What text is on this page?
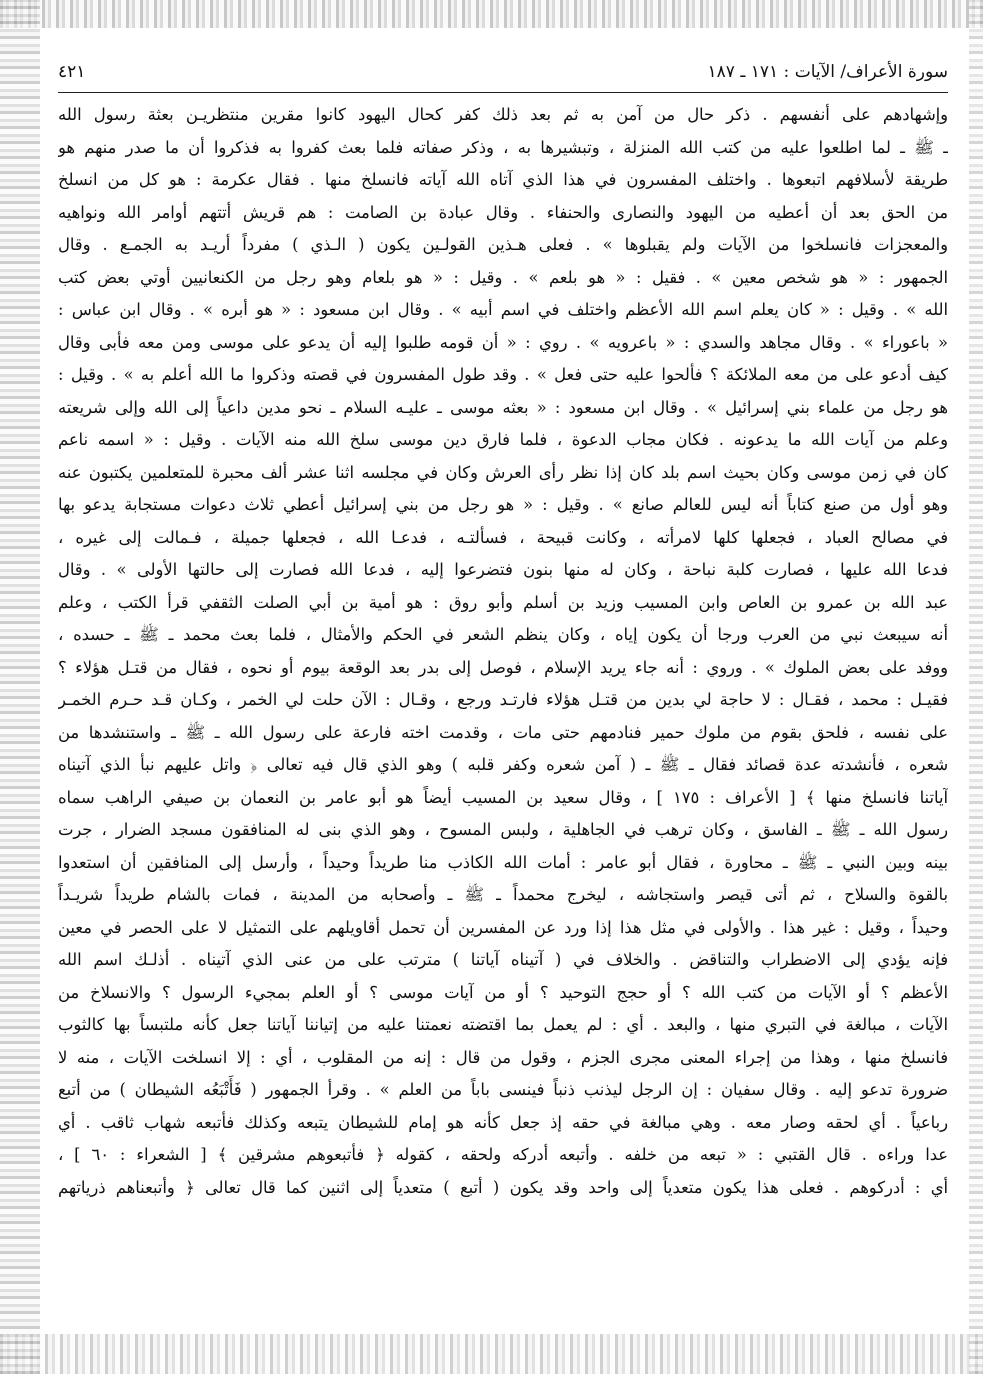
سورة الأعراف/ الآيات : ١٧١ ـ ١٨٧
٤٢١
وإشهادهم على أنفسهم . ذكر حال من آمن به ثم بعد ذلك كفر كحال اليهود كانوا مقرين منتظريـن بعثة رسول الله
ـ ﷺ ـ لما اطلعوا عليه من كتب الله المنزلة ، وتبشيرها به ، وذكر صفاته فلما بعث كفروا به فذكروا أن ما صدر منهم هو
طريقة لأسلافهم اتبعوها . واختلف المفسرون في هذا الذي آتاه الله آياته فانسلخ منها . فقال عكرمة : هو كل من انسلخ
من الحق بعد أن أعطيه من اليهود والنصارى والحنفاء . وقال عبادة بن الصامت : هم قريش أتتهم أوامر الله ونواهيه
والمعجزات فانسلخوا من الآيات ولم يقبلوها » . فعلى هـذين القولـين يكون ( الـذي ) مفرداً أريـد به الجمـع . وقال
الجمهور : « هو شخص معين » . فقيل : « هو بلعم » . وقيل : « هو بلعام وهو رجل من الكنعانيين أوتي بعض كتب
الله » . وقيل : « كان يعلم اسم الله الأعظم واختلف في اسم أبيه » . وقال ابن مسعود : « هو أبره » . وقال ابن عباس :
« باعوراء » . وقال مجاهد والسدي : « باعرويه » . روي : « أن قومه طلبوا إليه أن يدعو على موسى ومن معه فأبى وقال
كيف أدعو على من معه الملائكة ؟ فألحوا عليه حتى فعل » . وقد طول المفسرون في قصته وذكروا ما الله أعلم به » . وقيل :
هو رجل من علماء بني إسرائيل » . وقال ابن مسعود : « بعثه موسى ـ عليـه السلام ـ نحو مدين داعياً إلى الله وإلى شريعته
وعلم من آيات الله ما يدعونه . فكان مجاب الدعوة ، فلما فارق دين موسى سلخ الله منه الآيات . وقيل : « اسمه ناعم
كان في زمن موسى وكان بحيث اسم بلد كان إذا نظر رأى العرش وكان في مجلسه اثنا عشر ألف محبرة للمتعلمين يكتبون عنه
وهو أول من صنع كتاباً أنه ليس للعالم صانع » . وقيل : « هو رجل من بني إسرائيل أعطي ثلاث دعوات مستجابة يدعو بها
في مصالح العباد ، فجعلها كلها لامرأته ، وكانت قبيحة ، فسألتـه ، فدعـا الله ، فجعلها جميلة ، فـمالت إلى غيره ،
فدعا الله عليها ، فصارت كلبة نباحة ، وكان له منها بنون فتضرعوا إليه ، فدعا الله فصارت إلى حالتها الأولى » . وقال
عبد الله بن عمرو بن العاص وابن المسيب وزيد بن أسلم وأبو روق : هو أمية بن أبي الصلت الثقفي قرأ الكتب ، وعلم
أنه سيبعث نبي من العرب ورجا أن يكون إياه ، وكان ينظم الشعر في الحكم والأمثال ، فلما بعث محمد ـ ﷺ ـ حسده ،
ووفد على بعض الملوك » . وروي : أنه جاء يريد الإسلام ، فوصل إلى بدر بعد الوقعة بيوم أو نحوه ، فقال من قتـل هؤلاء ؟
فقيـل : محمد ، فقـال : لا حاجة لي بدين من قتـل هؤلاء فارتـد ورجع ، وقـال : الآن حلت لي الخمر ، وكـان قـد حـرم الخمـر
على نفسه ، فلحق بقوم من ملوك حمير فنادمهم حتى مات ، وقدمت اخته فارعة على رسول الله ـ ﷺ ـ واستنشدها من
شعره ، فأنشدته عدة قصائد فقال ـ ﷺ ـ ( آمن شعره وكفر قلبه ) وهو الذي قال فيه تعالى ﴿ واتل عليهم نبأ الذي آتيناه
آياتنا فانسلخ منها ﴾ [ الأعراف : ١٧٥ ] ، وقال سعيد بن المسيب أيضاً هو أبو عامر بن النعمان بن صيفي الراهب سماه
رسول الله ـ ﷺ ـ الفاسق ، وكان ترهب في الجاهلية ، ولبس المسوح ، وهو الذي بنى له المنافقون مسجد الضرار ، جرت
بينه وبين النبي ـ ﷺ ـ محاورة ، فقال أبو عامر : أمات الله الكاذب منا طريداً وحيداً ، وأرسل إلى المنافقين أن استعدوا
بالقوة والسلاح ، ثم أتى قيصر واستجاشه ، ليخرج محمداً ـ ﷺ ـ وأصحابه من المدينة ، فمات بالشام طريداً شريـداً
وحيداً ، وقيل : غير هذا . والأولى في مثل هذا إذا ورد عن المفسرين أن تحمل أقاويلهم على التمثيل لا على الحصر في معين
فإنه يؤدي إلى الاضطراب والتناقض . والخلاف في ( آتيناه آياتنا ) مترتب على من عنى الذي آتيناه . أذلـك اسم الله
الأعظم ؟ أو الآيات من كتب الله ؟ أو حجج التوحيد ؟ أو من آيات موسى ؟ أو العلم بمجيء الرسول ؟ والانسلاخ من
الآيات ، مبالغة في التبري منها ، والبعد . أي : لم يعمل بما اقتضته نعمتنا عليه من إتياننا آياتنا جعل كأنه ملتبساً بها كالثوب
فانسلخ منها ، وهذا من إجراء المعنى مجرى الجزم ، وقول من قال : إنه من المقلوب ، أي : إلا انسلخت الآيات ، منه لا
ضرورة تدعو إليه . وقال سفيان : إن الرجل ليذنب ذنباً فينسى باباً من العلم » . وقرأ الجمهور ( فَأَتْبَعُه الشيطان ) من أتبع
رباعياً . أي لحقه وصار معه . وهي مبالغة في حقه إذ جعل كأنه هو إمام للشيطان يتبعه وكذلك فأتبعه شهاب ثاقب . أي
عدا وراءه . قال القتبي : « تبعه من خلفه . وأتبعه أدركه ولحقه ، كقوله ﴿ فأتبعوهم مشرقين ﴾ [ الشعراء : ٦٠ ] ،
أي : أدركوهم . فعلى هذا يكون متعدياً إلى واحد وقد يكون ( أتبع ) متعدياً إلى اثنين كما قال تعالى ﴿ وأتبعناهم ذرياتهم
